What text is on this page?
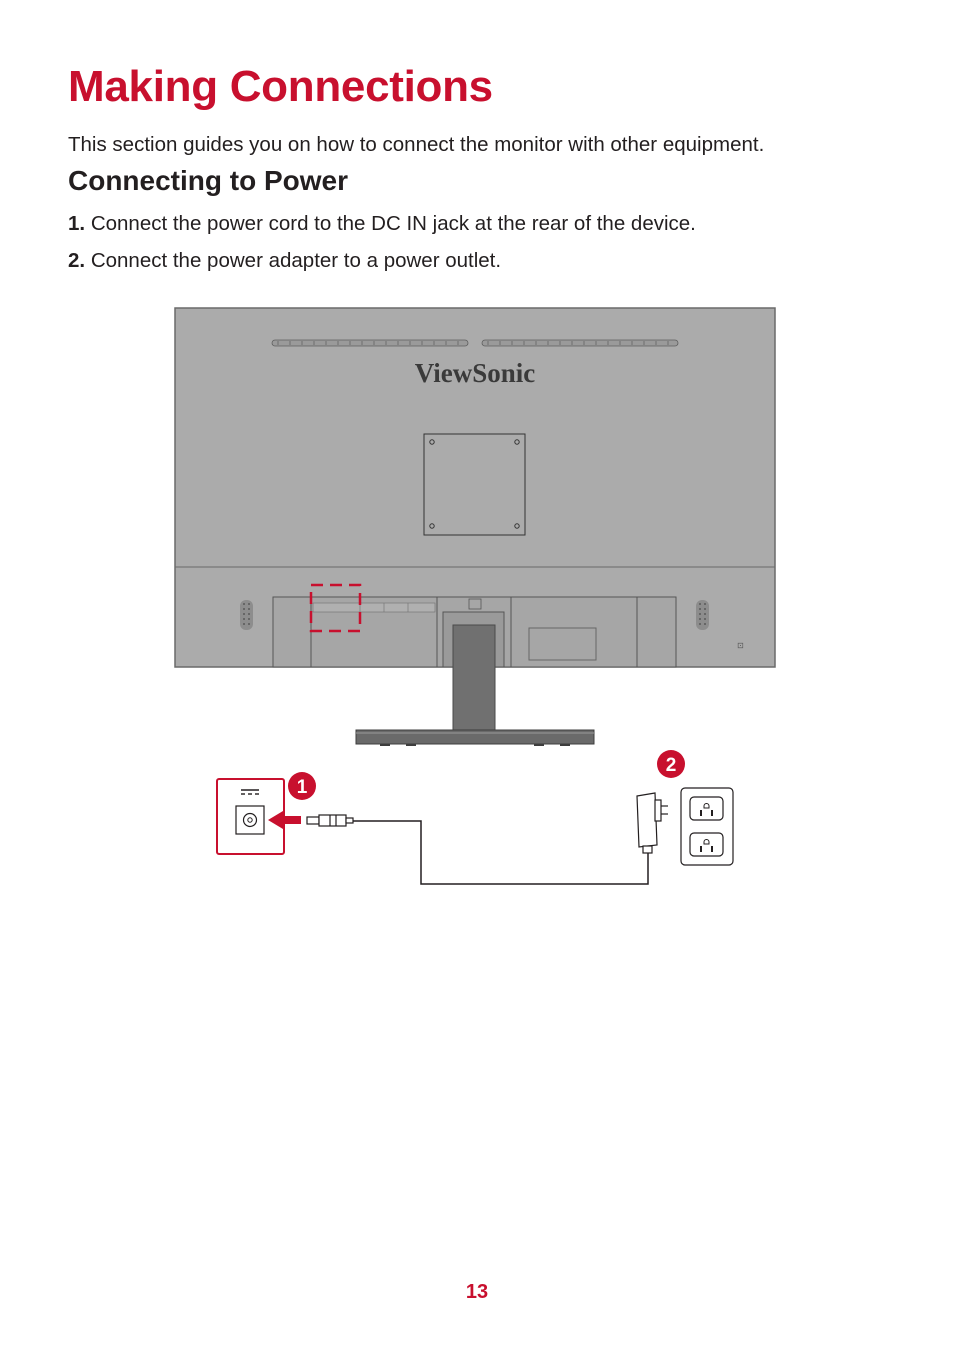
Making Connections

This section guides you on how to connect the monitor with other equipment.

Connecting to Power
1. Connect the power cord to the DC IN jack at the rear of the device.
2. Connect the power adapter to a power outlet.
ViewSonic
⊡
1
2
13
